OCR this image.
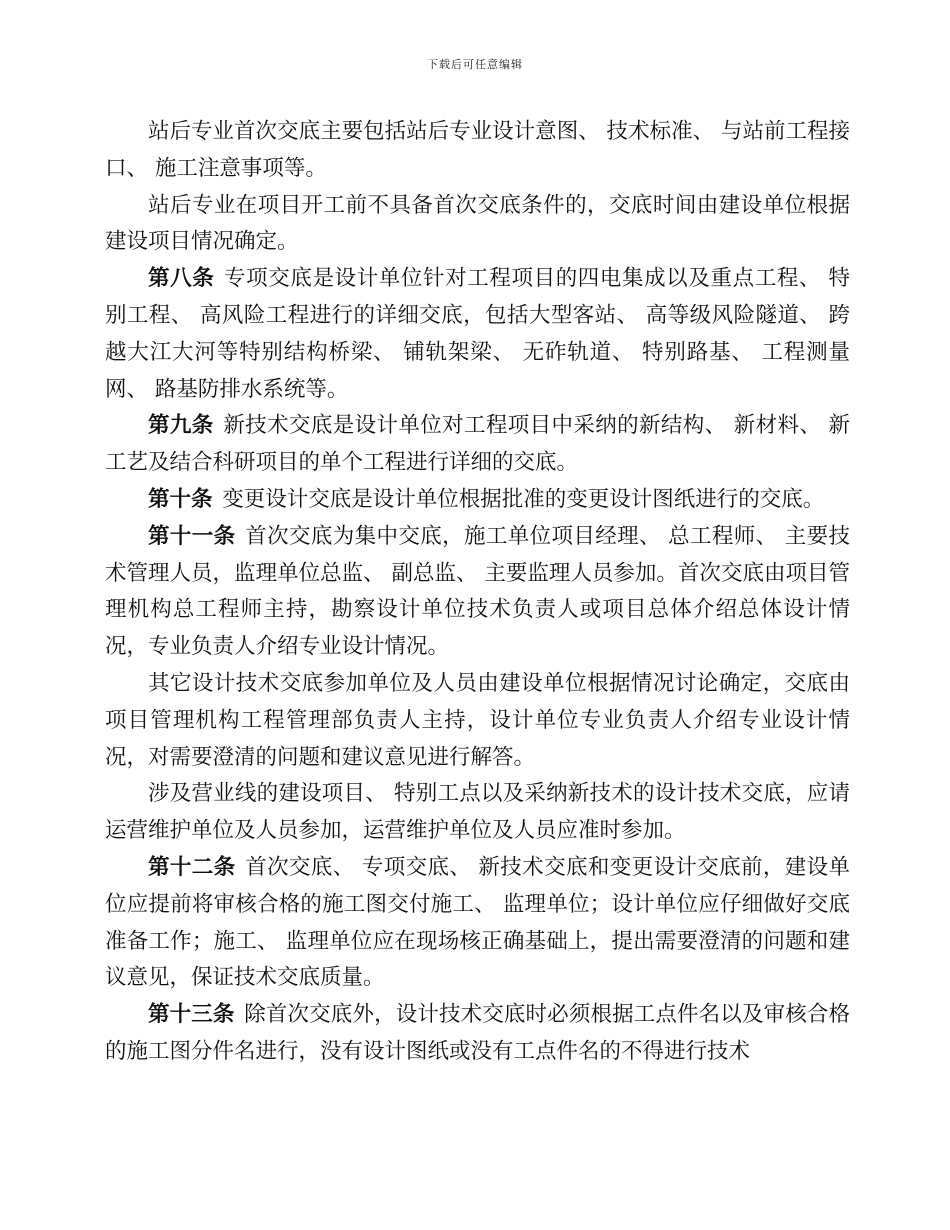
下载后可任意编辑

站后专业首次交底主要包括站后专业设计意图、 技术标准、 与站前工程接口、 施工注意事项等。

站后专业在项目开工前不具备首次交底条件的，交底时间由建设单位根据建设项目情况确定。

第八条 专项交底是设计单位针对工程项目的四电集成以及重点工程、 特别工程、 高风险工程进行的详细交底，包括大型客站、 高等级风险隧道、 跨越大江大河等特别结构桥梁、 铺轨架梁、 无砟轨道、 特别路基、 工程测量网、 路基防排水系统等。

第九条 新技术交底是设计单位对工程项目中采纳的新结构、 新材料、 新工艺及结合科研项目的单个工程进行详细的交底。

第十条 变更设计交底是设计单位根据批准的变更设计图纸进行的交底。

第十一条 首次交底为集中交底，施工单位项目经理、 总工程师、 主要技术管理人员，监理单位总监、 副总监、 主要监理人员参加。首次交底由项目管理机构总工程师主持，勘察设计单位技术负责人或项目总体介绍总体设计情况，专业负责人介绍专业设计情况。

其它设计技术交底参加单位及人员由建设单位根据情况讨论确定，交底由项目管理机构工程管理部负责人主持，设计单位专业负责人介绍专业设计情况，对需要澄清的问题和建议意见进行解答。

涉及营业线的建设项目、 特别工点以及采纳新技术的设计技术交底，应请运营维护单位及人员参加，运营维护单位及人员应准时参加。

第十二条 首次交底、 专项交底、 新技术交底和变更设计交底前，建设单位应提前将审核合格的施工图交付施工、 监理单位；设计单位应仔细做好交底准备工作；施工、 监理单位应在现场核正确基础上，提出需要澄清的问题和建议意见，保证技术交底质量。

第十三条 除首次交底外，设计技术交底时必须根据工点件名以及审核合格的施工图分件名进行，没有设计图纸或没有工点件名的不得进行技术
